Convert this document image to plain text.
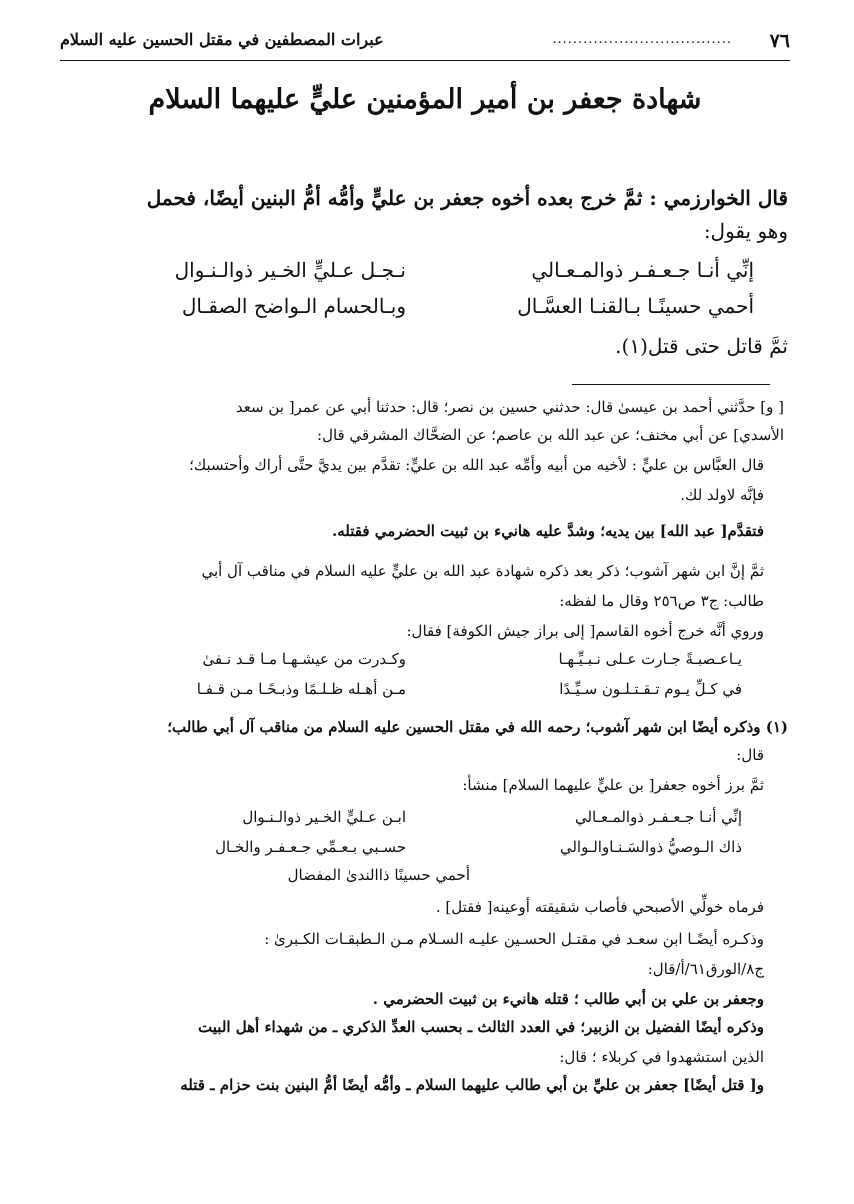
٧٦
...................................
عبرات المصطفين في مقتل الحسين عليه السلام
شهادة جعفر بن أمير المؤمنين عليٍّ عليهما السلام
قال الخوارزمي : ثمَّ خرج بعده أخوه جعفر بن عليٍّ وأمُّه أمُّ البنين أيضًا، فحمل
وهو يقول:
إنِّي أنـا جـعـفـر ذوالمـعـالي
نـجـل عـليٍّ الخـير ذوالـنـوال
أحمي حسينًـا بـالقنـا العسَّـال
وبـالحسام الـواضح الصقـال
ثمَّ قاتل حتى قتل(١).
[ و] حدَّثني أحمد بن عيسىٰ قال: حدثني حسين بن نصر؛ قال: حدثنا أبي عن عمر[ بن سعد
الأسدي] عن أبي مخنف؛ عن عبد الله بن عاصم؛ عن الضحَّاك المشرقي قال:
قال العبَّاس بن عليٍّ : لأخيه من أبيه وأمِّه عبد الله بن عليٍّ: تقدَّم بين يديَّ حتَّى أراك وأحتسبك؛
فإنَّه لاولد لك.
فتقدَّم[ عبد الله] بين يديه؛ وشدَّ عليه هانيء بن ثبيت الحضرمي فقتله.
ثمَّ إنَّ ابن شهر آشوب؛ ذكر بعد ذكره شهادة عبد الله بن عليٍّ عليه السلام في مناقب آل أبي
طالب: ج٣ ص٢٥٦ وقال ما لفظه:
وروي أنَّه خرج أخوه القاسم[ إلى براز جيش الكوفة] فقال:
يـاعـصبـةً جـارت عـلى نـبـيِّـهـا
وكـدرت من عيشـهـا مـا قـد نـفىٰ
في كـلِّ يـوم تـقـتـلـون سـيِّـدًا
مـن أهـله ظـلـمًا وذبـحًـا مـن قـفـا
(١) وذكره أيضًا ابن شهر آشوب؛ رحمه الله في مقتل الحسين عليه السلام من مناقب آل أبي طالب؛
قال:
ثمَّ برز أخوه جعفر[ بن عليٍّ عليهما السلام] منشأ:
إنِّي أنـا جـعـفـر ذوالمـعـالي
ابـن عـليٍّ الخـير ذوالـنـوال
ذاك الـوصيُّ ذوالسَـنـاوالـوالي
حسـبي بـعـمِّي جـعـفـر والخـال
أحمي حسينًا ذاالندىٰ المفضال
فرماه خولِّي الأصبحي فأصاب شقيقته أوعينه[ فقتل] .
وذكـره أيضًـا ابن سعـد في مقتـل الحسـين عليـه السـلام مـن الـطبقـات الكـبرىٰ :
ج٨/الورق٦١/أ/قال:
وجعفر بن علي بن أبي طالب ؛ قتله هانيء بن ثبيت الحضرمي .
وذكره أيضًا الفضيل بن الزبير؛ في العدد الثالث ـ بحسب العدِّ الذكري ـ من شهداء أهل البيت
الذين استشهدوا في كربلاء ؛ قال:
و[ قتل أيضًا] جعفر بن عليِّ بن أبي طالب عليهما السلام ـ وأمُّه أيضًا أمُّ البنين بنت حزام ـ قتله
